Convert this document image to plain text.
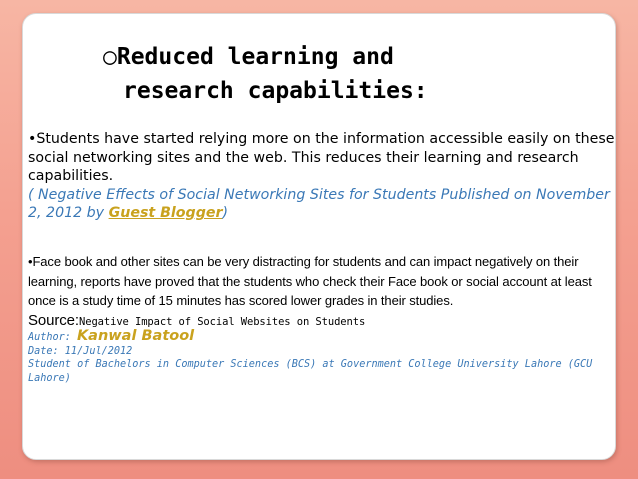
○Reduced learning and
research capabilities:
•Students have started relying more on the information accessible easily on these social networking sites and the web. This reduces their learning and research capabilities.
( Negative Effects of Social Networking Sites for Students Published on November 2, 2012 by Guest Blogger)
•Face book and other sites can be very distracting for students and can impact negatively on their learning, reports have proved that the students who check their Face book or social account at least once is a study time of 15 minutes has scored lower grades in their studies.
Source:Negative Impact of Social Websites on Students
Author: Kanwal Batool
Date: 11/Jul/2012
Student of Bachelors in Computer Sciences (BCS) at Government College University Lahore (GCU Lahore)
